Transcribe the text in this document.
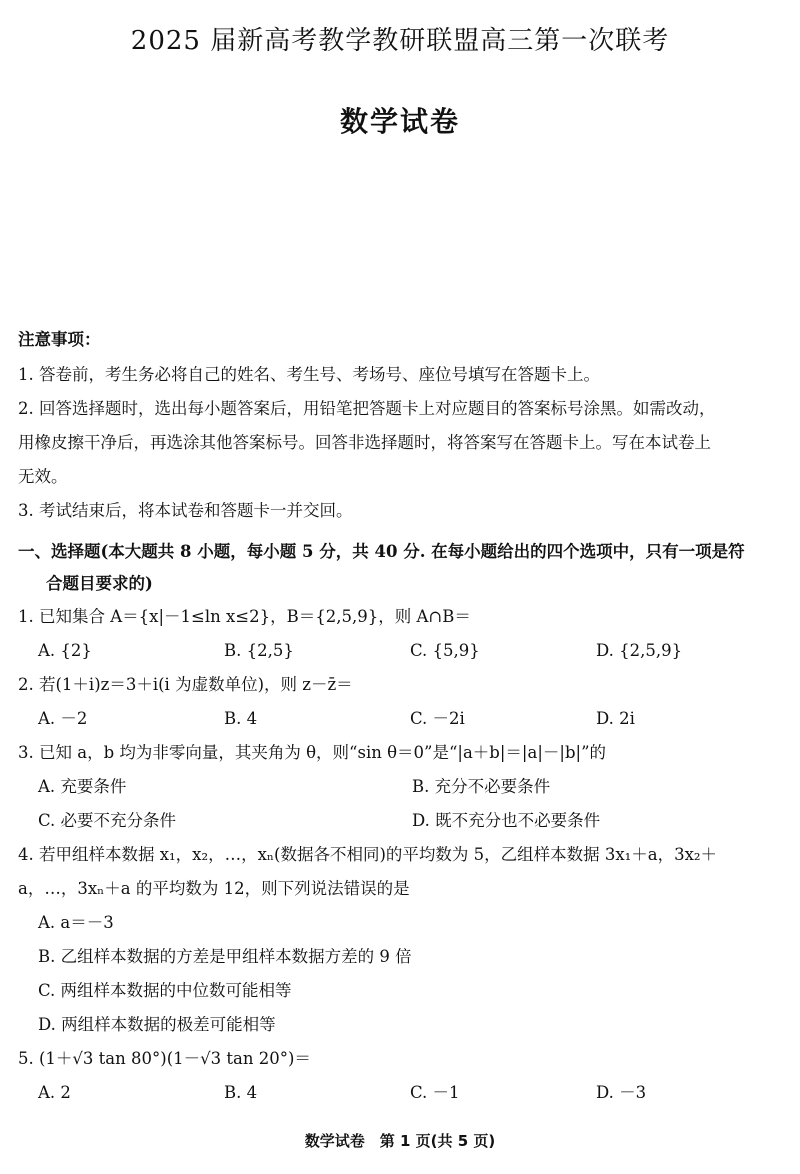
2025 届新高考教学教研联盟高三第一次联考
数学试卷
注意事项：
1. 答卷前，考生务必将自己的姓名、考生号、考场号、座位号填写在答题卡上。
2. 回答选择题时，选出每小题答案后，用铅笔把答题卡上对应题目的答案标号涂黑。如需改动，
用橡皮擦干净后，再选涂其他答案标号。回答非选择题时，将答案写在答题卡上。写在本试卷上
无效。
3. 考试结束后，将本试卷和答题卡一并交回。
一、选择题(本大题共 8 小题，每小题 5 分，共 40 分. 在每小题给出的四个选项中，只有一项是符
合题目要求的)
1. 已知集合 A＝{x|－1≤ln x≤2}，B＝{2,5,9}，则 A∩B＝
A. {2}	B. {2,5}	C. {5,9}	D. {2,5,9}
2. 若(1＋i)z＝3＋i(i 为虚数单位)，则 z－z̄＝
A. －2	B. 4	C. －2i	D. 2i
3. 已知 a，b 均为非零向量，其夹角为 θ，则“sin θ＝0”是“|a＋b|＝|a|－|b|”的
A. 充要条件	B. 充分不必要条件
C. 必要不充分条件	D. 既不充分也不必要条件
4. 若甲组样本数据 x₁，x₂，…，xₙ(数据各不相同)的平均数为 5，乙组样本数据 3x₁＋a，3x₂＋
a，…，3xₙ＋a 的平均数为 12，则下列说法错误的是
A. a＝－3
B. 乙组样本数据的方差是甲组样本数据方差的 9 倍
C. 两组样本数据的中位数可能相等
D. 两组样本数据的极差可能相等
5. (1＋√3 tan 80°)(1－√3 tan 20°)＝
A. 2	B. 4	C. －1	D. －3
数学试卷　第 1 页(共 5 页)
